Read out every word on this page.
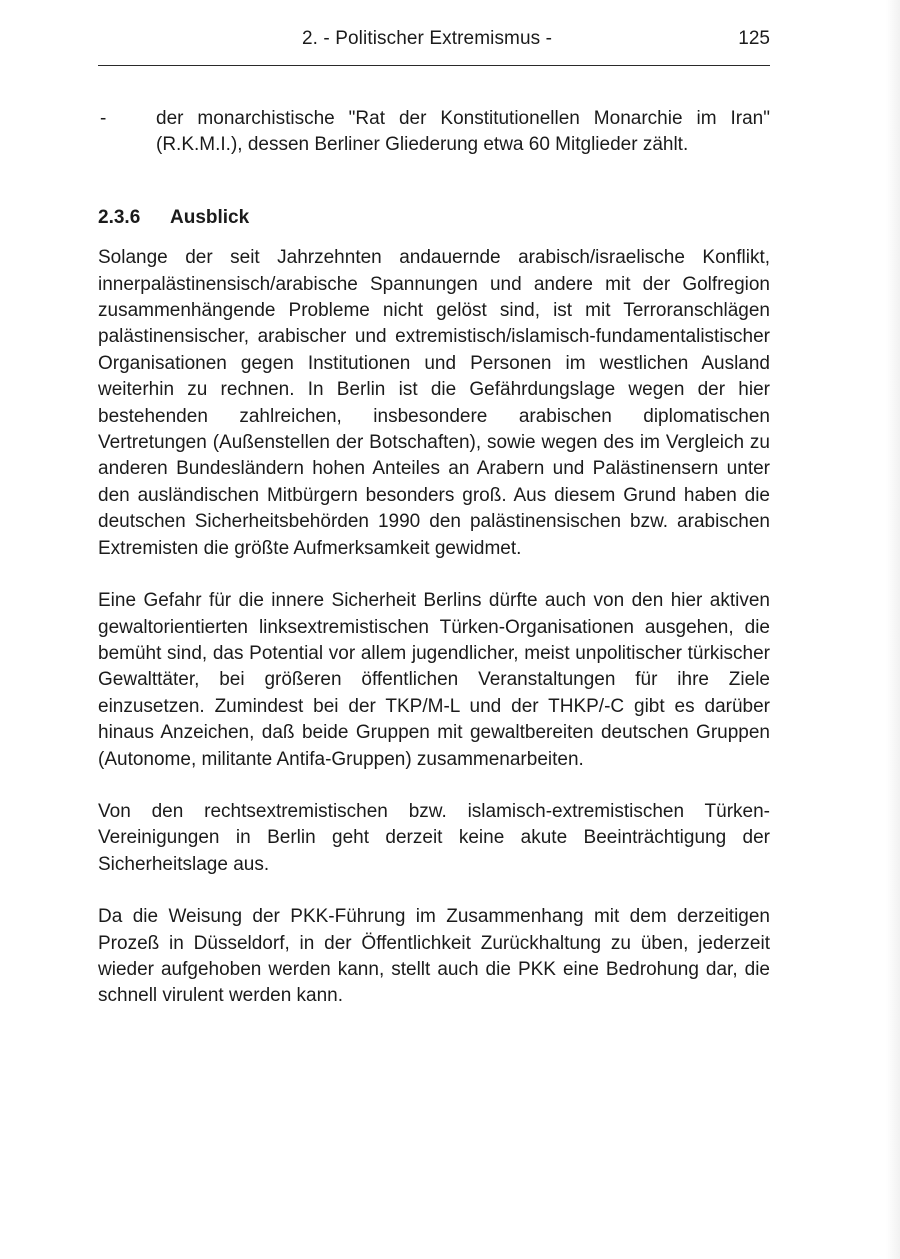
2. - Politischer Extremismus -	125
-	der monarchistische "Rat der Konstitutionellen Monarchie im Iran" (R.K.M.I.), dessen Berliner Gliederung etwa 60 Mitglieder zählt.
2.3.6 Ausblick

Solange der seit Jahrzehnten andauernde arabisch/israelische Konflikt, innerpalästinensisch/arabische Spannungen und andere mit der Golfregion zusammenhängende Probleme nicht gelöst sind, ist mit Terroranschlägen palästinensischer, arabischer und extremistisch/islamisch-fundamentalistischer Organisationen gegen Institutionen und Personen im westlichen Ausland weiterhin zu rechnen. In Berlin ist die Gefährdungslage wegen der hier bestehenden zahlreichen, insbesondere arabischen diplomatischen Vertretungen (Außenstellen der Botschaften), sowie wegen des im Vergleich zu anderen Bundesländern hohen Anteiles an Arabern und Palästinensern unter den ausländischen Mitbürgern besonders groß. Aus diesem Grund haben die deutschen Sicherheitsbehörden 1990 den palästinensischen bzw. arabischen Extremisten die größte Aufmerksamkeit gewidmet.

Eine Gefahr für die innere Sicherheit Berlins dürfte auch von den hier aktiven gewaltorientierten linksextremistischen Türken-Organisationen ausgehen, die bemüht sind, das Potential vor allem jugendlicher, meist unpolitischer türkischer Gewalttäter, bei größeren öffentlichen Veranstaltungen für ihre Ziele einzusetzen. Zumindest bei der TKP/M-L und der THKP/-C gibt es darüber hinaus Anzeichen, daß beide Gruppen mit gewaltbereiten deutschen Gruppen (Autonome, militante Antifa-Gruppen) zusammenarbeiten.

Von den rechtsextremistischen bzw. islamisch-extremistischen Türken-Vereinigungen in Berlin geht derzeit keine akute Beeinträchtigung der Sicherheitslage aus.

Da die Weisung der PKK-Führung im Zusammenhang mit dem derzeitigen Prozeß in Düsseldorf, in der Öffentlichkeit Zurückhaltung zu üben, jederzeit wieder aufgehoben werden kann, stellt auch die PKK eine Bedrohung dar, die schnell virulent werden kann.
